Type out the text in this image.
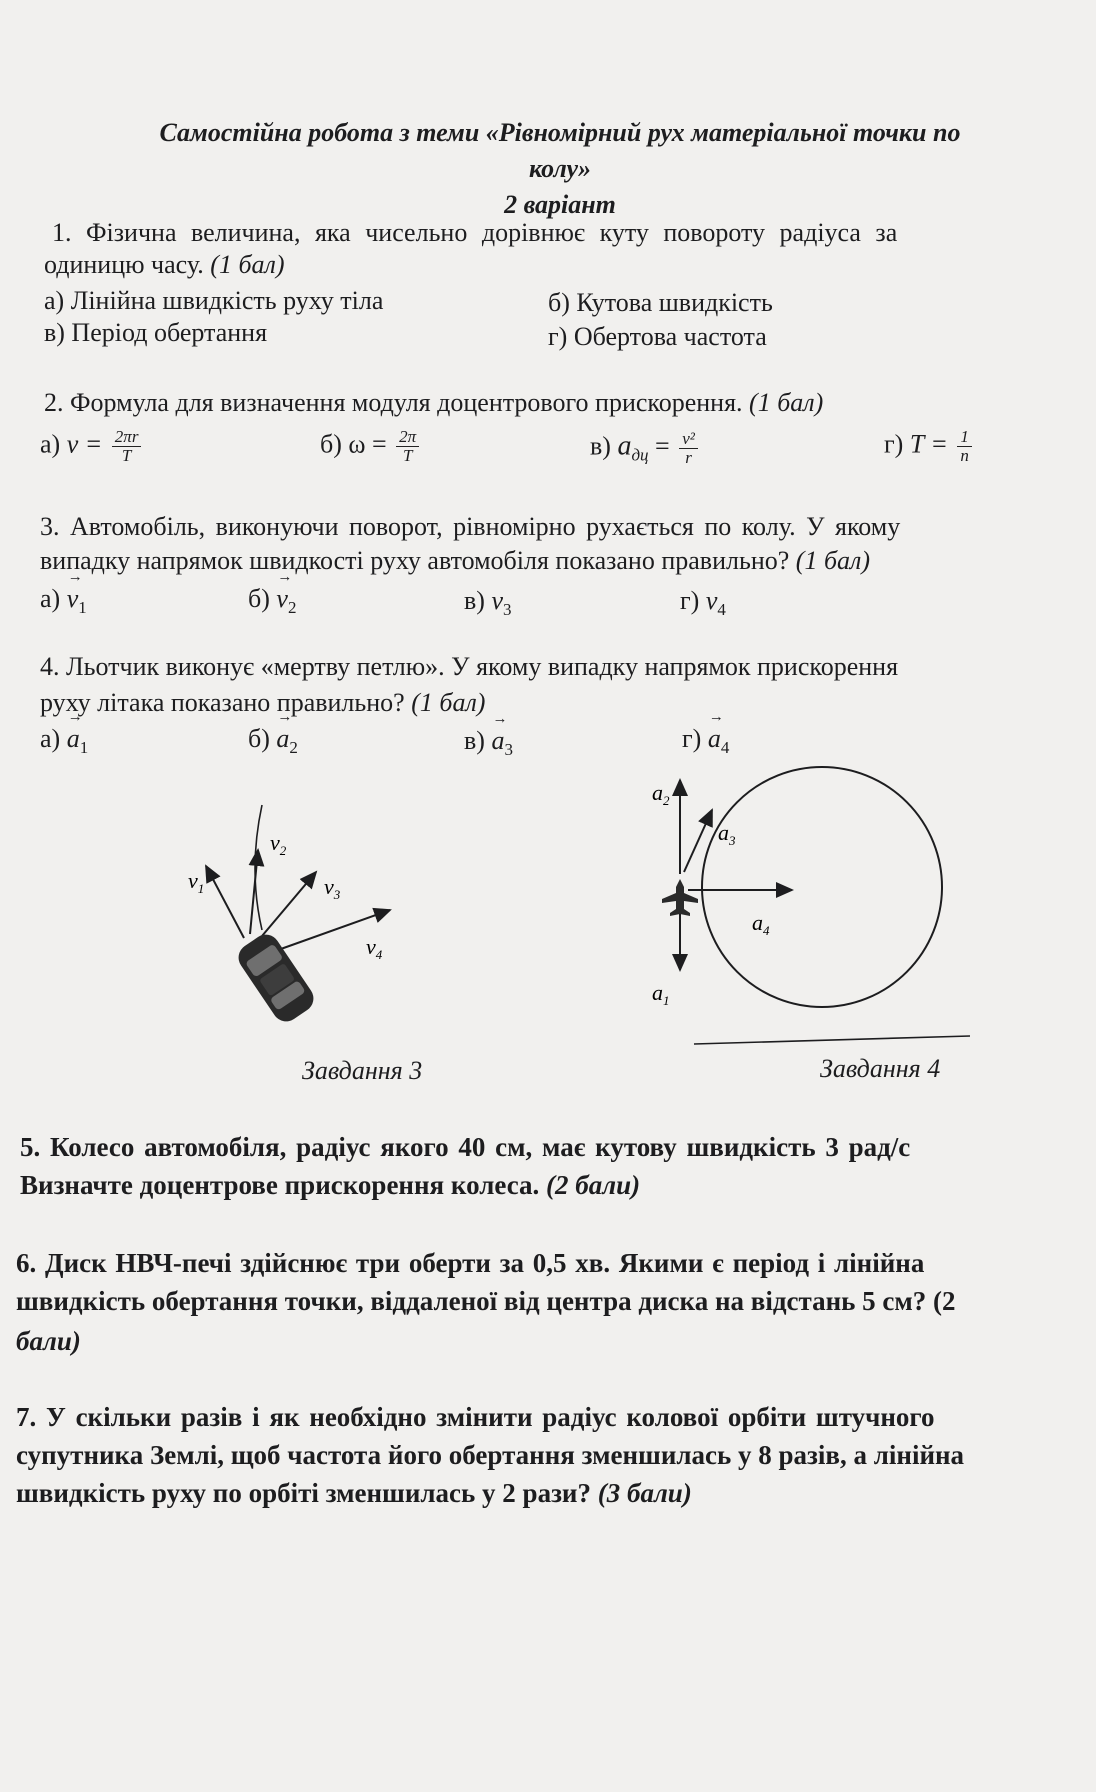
Самостійна робота з теми «Рівномірний рух матеріальної точки по
колу»
2 варіант
1. Фізична величина, яка чисельно дорівнює куту повороту радіуса за
одиницю часу. (1 бал)
а) Лінійна швидкість руху тіла	б) Кутова швидкість
в) Період обертання	г) Обертова частота
2. Формула для визначення модуля доцентрового прискорення. (1 бал)
а) $v = \frac{2\pi r}{T}$	б) $\omega = \frac{2\pi}{T}$	в) $a_{дц} = \frac{\text{v²}}{r}$	г) $T = \frac{1}{n}$
3. Автомобіль, виконуючи поворот, рівномірно рухається по колу. У якому
випадку напрямок швидкості руху автомобіля показано правильно? (1 бал)
$а) \to v_1$	$б) \to v_2$	в) $v_3$	г) $v_4$
4. Льотчик виконує «мертву петлю». У якому випадку напрямок прискорення
руху літака показано правильно? (1 бал)
$а) \to a_1$	$б) \to a_2$	$в) \to a_3$	$г) \to a_4$
$v_1$
$v_2$
$v_3$
$v_4$
$a_2$
$a_3$
$a_4$
$a_1$
Завдання 3	Завдання 4
5. Колесо автомобіля, радіус якого 40 см, має кутову швидкість 3 рад/с
Визначте доцентрове прискорення колеса. (2 бали)
6. Диск НВЧ-печі здійснює три оберти за 0,5 хв. Якими є період і лінійна
швидкість обертання точки, віддаленої від центра диска на відстань 5 см? (2
бали)
7. У скільки разів і як необхідно змінити радіус колової орбіти штучного
супутника Землі, щоб частота його обертання зменшилась у 8 разів, а лінійна
швидкість руху по орбіті зменшилась у 2 рази? (3 бали)
